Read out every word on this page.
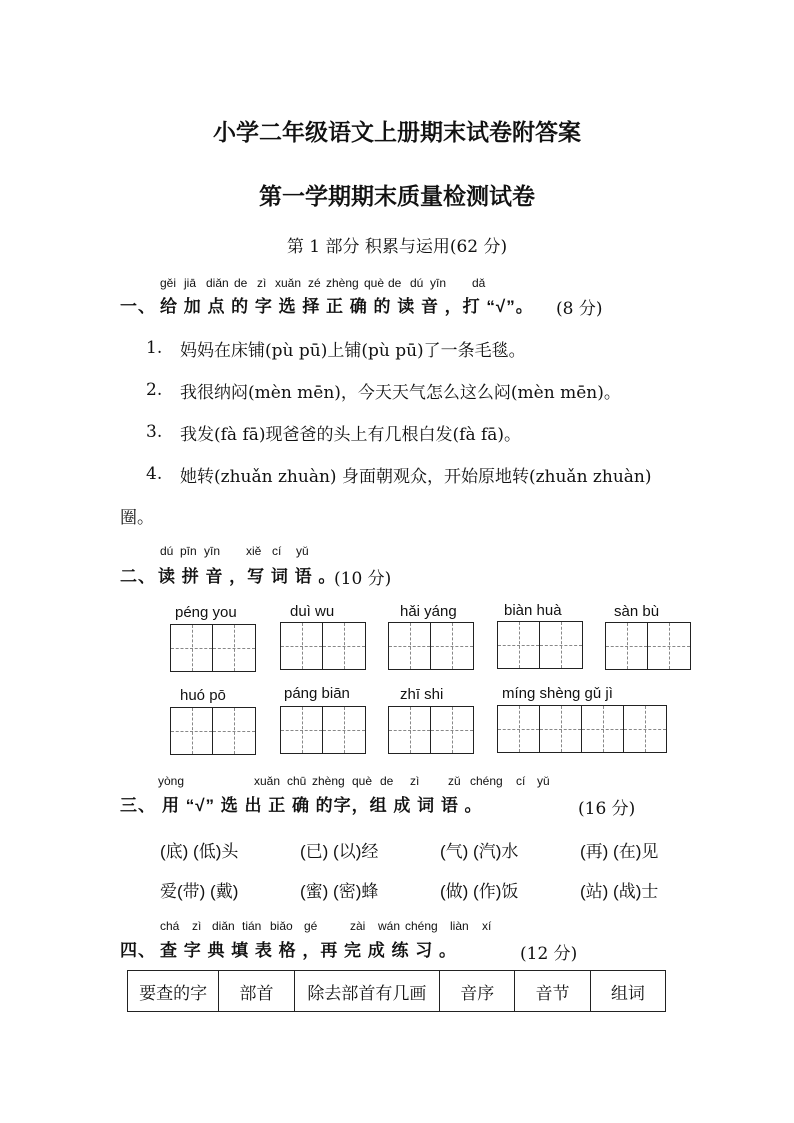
小学二年级语文上册期末试卷附答案
第一学期期末质量检测试卷
第 1 部分 积累与运用(62 分)
gěi jiā diǎn de zì xuǎn zé zhèng què de dú yīn dǎ
一、 给 加 点 的 字 选 择 正 确 的 读 音 ，打 “√”。 (8 分)
1. 妈妈在床铺(pù pū)上铺(pù pū)了一条毛毯。
2. 我很纳闷(mèn mēn)，今天天气怎么这么闷(mèn mēn)。
3. 我发(fà fā)现爸爸的头上有几根白发(fà fā)。
4. 她转(zhuǎn zhuàn) 身面朝观众，开始原地转(zhuǎn zhuàn)
圈。
dú pīn yīn xiě cí yǔ
二、 读 拼 音 ，写 词 语 。
(10 分)
péng you	duì wu	hǎi yáng	biàn huà	sàn bù
huó pō	páng biān	zhī shi	míng shèng gǔ jì
yòng	xuǎn chū zhèng què de zì zǔ chéng cí yǔ
三、 用 “√” 选 出 正 确 的字，组 成 词 语 。	(16 分)
(底) (低)头	(已) (以)经	(气) (汽)水	(再) (在)见
爱(带) (戴)	(蜜) (密)蜂	(做) (作)饭	(站) (战)士
chá zì diǎn tián biǎo gé	zài wán chéng liàn xí
四、 查 字 典 填 表 格 ，再 完 成 练 习 。	(12 分)
要查的字	部首	除去部首有几画	音序	音节	组词
